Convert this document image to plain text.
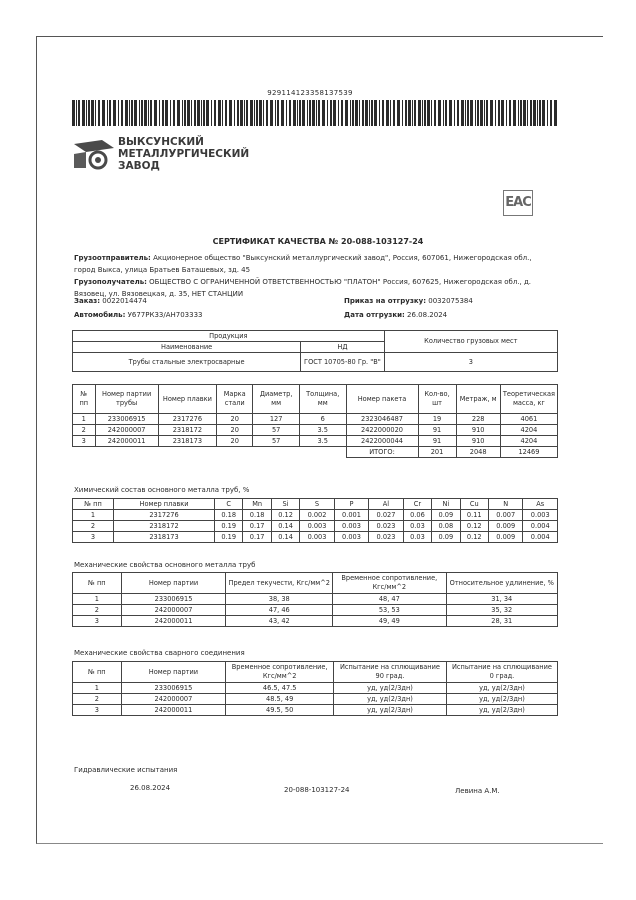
929114123358137539
ВЫКСУНСКИЙ
МЕТАЛЛУРГИЧЕСКИЙ
ЗАВОД
EAC
СЕРТИФИКАТ КАЧЕСТВА № 20-088-103127-24
Грузоотправитель: Акционерное общество "Выксунский металлургический завод", Россия, 607061, Нижегородская обл., город Выкса, улица Братьев Баташевых, зд. 45
Грузополучатель: ОБЩЕСТВО С ОГРАНИЧЕННОЙ ОТВЕТСТВЕННОСТЬЮ "ПЛАТОН" Россия, 607625, Нижегородская обл., д. Вязовец, ул. Вязовецкая, д. 35, НЕТ СТАНЦИИ
Заказ: 0022014474	Приказ на отгрузку: 0032075384
Автомобиль: У677РК33/АН703333	Дата отгрузки: 26.08.2024
Продукция		Количество грузовых мест
Наименование	НД	
Трубы стальные электросварные	ГОСТ 10705-80 Гр. "В"	3
№ пп	Номер партии трубы	Номер плавки	Марка стали	Диаметр, мм	Толщина, мм	Номер пакета	Кол-во, шт	Метраж, м	Теоретическая масса, кг
1	233006915	2317276	20	127	6	2323046487	19	228	4061
2	242000007	2318172	20	57	3.5	2422000020	91	910	4204
3	242000011	2318173	20	57	3.5	2422000044	91	910	4204
						ИТОГО:	201	2048	12469
Химический состав основного металла труб, %
№ пп	Номер плавки	C	Mn	Si	S	P	Al	Cr	Ni	Cu	N	As
1	2317276	0.18	0.18	0.12	0.002	0.001	0.027	0.06	0.09	0.11	0.007	0.003
2	2318172	0.19	0.17	0.14	0.003	0.003	0.023	0.03	0.08	0.12	0.009	0.004
3	2318173	0.19	0.17	0.14	0.003	0.003	0.023	0.03	0.09	0.12	0.009	0.004
Механические свойства основного металла труб
№ пп	Номер партии	Предел текучести, Кгс/мм^2	Временное сопротивление, Кгс/мм^2	Относительное удлинение, %
1	233006915	38, 38	48, 47	31, 34
2	242000007	47, 46	53, 53	35, 32
3	242000011	43, 42	49, 49	28, 31
Механические свойства сварного соединения
№ пп	Номер партии	Временное сопротивление, Кгс/мм^2	Испытание на сплющивание 90 град.	Испытание на сплющивание 0 град.
1	233006915	46.5, 47.5	уд, уд(2/3дн)	уд, уд(2/3дн)
2	242000007	48.5, 49	уд, уд(2/3дн)	уд, уд(2/3дн)
3	242000011	49.5, 50	уд, уд(2/3дн)	уд, уд(2/3дн)
Гидравлические испытания
26.08.2024	20-088-103127-24	Левина А.М.
